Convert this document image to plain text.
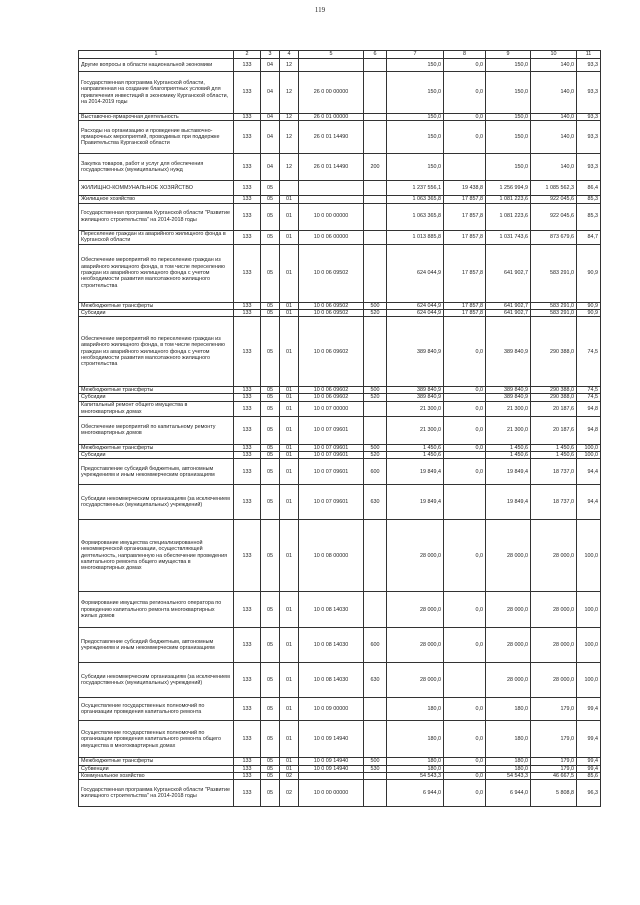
119
1	2	3	4	5	6	7	8	9	10	11
Другие вопросы в области национальной экономики	133	04	12			150,0	0,0	150,0	140,0	93,3
Государственная программа Курганской области, направленная на создание благоприятных условий для привлечения инвестиций в экономику Курганской области, на 2014-2019 годы	133	04	12	26 0 00 00000		150,0	0,0	150,0	140,0	93,3
Выставочно-ярмарочная деятельность	133	04	12	26 0 01 00000		150,0	0,0	150,0	140,0	93,3
Расходы на организацию и проведение выставочно-ярмарочных мероприятий, проводимых при поддержке Правительства Курганской области	133	04	12	26 0 01 14490		150,0	0,0	150,0	140,0	93,3
Закупка товаров, работ и услуг для обеспечения государственных (муниципальных) нужд	133	04	12	26 0 01 14490	200	150,0		150,0	140,0	93,3
ЖИЛИЩНО-КОММУНАЛЬНОЕ ХОЗЯЙСТВО	133	05				1 237 556,1	19 438,8	1 256 994,9	1 085 562,3	86,4
Жилищное хозяйство	133	05	01			1 063 365,8	17 857,8	1 081 223,6	922 045,6	85,3
Государственная программа Курганской области "Развитие жилищного строительства" на 2014-2018 годы	133	05	01	10 0 00 00000		1 063 365,8	17 857,8	1 081 223,6	922 045,6	85,3
Переселение граждан из аварийного жилищного фонда в Курганской области	133	05	01	10 0 06 00000		1 013 885,8	17 857,8	1 031 743,6	873 679,6	84,7
Обеспечение мероприятий по переселению граждан из аварийного жилищного фонда, в том числе переселению граждан из аварийного жилищного фонда с учетом необходимости развития малоэтажного жилищного строительства	133	05	01	10 0 06 09502		624 044,9	17 857,8	641 902,7	583 291,0	90,9
Межбюджетные трансферты	133	05	01	10 0 06 09502	500	624 044,9	17 857,8	641 902,7	583 291,0	90,9
Субсидии	133	05	01	10 0 06 09502	520	624 044,9	17 857,8	641 902,7	583 291,0	90,9
Обеспечение мероприятий по переселению граждан из аварийного жилищного фонда, в том числе переселению граждан из аварийного жилищного фонда с учетом необходимости развития малоэтажного жилищного строительства	133	05	01	10 0 06 09602		389 840,9	0,0	389 840,9	290 388,0	74,5
Межбюджетные трансферты	133	05	01	10 0 06 09602	500	389 840,9	0,0	389 840,9	290 388,0	74,5
Субсидии	133	05	01	10 0 06 09602	520	389 840,9		389 840,9	290 388,0	74,5
Капитальный ремонт общего имущества в многоквартирных домах	133	05	01	10 0 07 00000		21 300,0	0,0	21 300,0	20 187,6	94,8
Обеспечение мероприятий по капитальному ремонту многоквартирных домов	133	05	01	10 0 07 09601		21 300,0	0,0	21 300,0	20 187,6	94,8
Межбюджетные трансферты	133	05	01	10 0 07 09601	500	1 450,6	0,0	1 450,6	1 450,6	100,0
Субсидии	133	05	01	10 0 07 09601	520	1 450,6		1 450,6	1 450,6	100,0
Предоставление субсидий бюджетным, автономным учреждениям и иным некоммерческим организациям	133	05	01	10 0 07 09601	600	19 849,4	0,0	19 849,4	18 737,0	94,4
Субсидии некоммерческим организациям (за исключением государственных (муниципальных) учреждений)	133	05	01	10 0 07 09601	630	19 849,4		19 849,4	18 737,0	94,4
Формирование имущества специализированной некоммерческой организации, осуществляющей деятельность, направленную на обеспечение проведения капитального ремонта общего имущества в многоквартирных домах	133	05	01	10 0 08 00000		28 000,0	0,0	28 000,0	28 000,0	100,0
Формирование имущества регионального оператора по проведению капитального ремонта многоквартирных жилых домов	133	05	01	10 0 08 14030		28 000,0	0,0	28 000,0	28 000,0	100,0
Предоставление субсидий бюджетным, автономным учреждениям и иным некоммерческим организациям	133	05	01	10 0 08 14030	600	28 000,0	0,0	28 000,0	28 000,0	100,0
Субсидии некоммерческим организациям (за исключением государственных (муниципальных) учреждений)	133	05	01	10 0 08 14030	630	28 000,0		28 000,0	28 000,0	100,0
Осуществление государственных полномочий по организации проведения капитального ремонта	133	05	01	10 0 09 00000		180,0	0,0	180,0	179,0	99,4
Осуществление государственных полномочий по организации проведения капитального ремонта общего имущества в многоквартирных домах	133	05	01	10 0 09 14940		180,0	0,0	180,0	179,0	99,4
Межбюджетные трансферты	133	05	01	10 0 09 14940	500	180,0	0,0	180,0	179,0	99,4
Субвенции	133	05	01	10 0 09 14940	530	180,0		180,0	179,0	99,4
Коммунальное хозяйство	133	05	02			54 543,3	0,0	54 543,3	46 667,5	85,6
Государственная программа Курганской области "Развитие жилищного строительства" на 2014-2018 годы	133	05	02	10 0 00 00000		6 944,0	0,0	6 944,0	5 808,8	96,3
